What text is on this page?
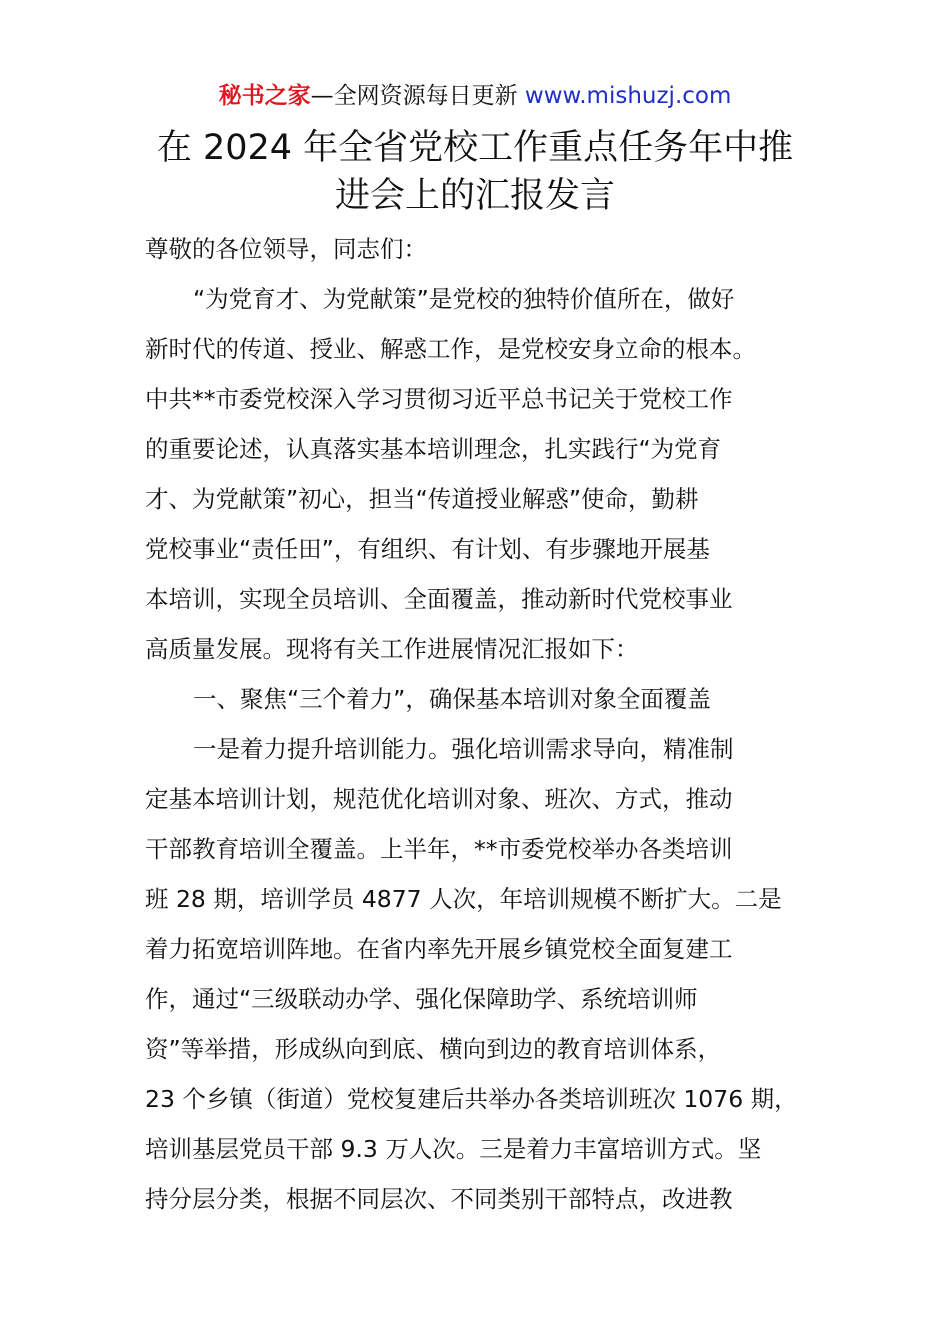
秘书之家—全网资源每日更新 www.mishuzj.com
在 2024 年全省党校工作重点任务年中推
进会上的汇报发言
尊敬的各位领导，同志们：
“为党育才、为党献策”是党校的独特价值所在，做好
新时代的传道、授业、解惑工作，是党校安身立命的根本。
中共**市委党校深入学习贯彻习近平总书记关于党校工作
的重要论述，认真落实基本培训理念，扎实践行“为党育
才、为党献策”初心，担当“传道授业解惑”使命，勤耕
党校事业“责任田”，有组织、有计划、有步骤地开展基
本培训，实现全员培训、全面覆盖，推动新时代党校事业
高质量发展。现将有关工作进展情况汇报如下：
一、聚焦“三个着力”，确保基本培训对象全面覆盖
一是着力提升培训能力。强化培训需求导向，精准制
定基本培训计划，规范优化培训对象、班次、方式，推动
干部教育培训全覆盖。上半年，**市委党校举办各类培训
班 28 期，培训学员 4877 人次，年培训规模不断扩大。二是
着力拓宽培训阵地。在省内率先开展乡镇党校全面复建工
作，通过“三级联动办学、强化保障助学、系统培训师
资”等举措，形成纵向到底、横向到边的教育培训体系，
23 个乡镇（街道）党校复建后共举办各类培训班次 1076 期，
培训基层党员干部 9.3 万人次。三是着力丰富培训方式。坚
持分层分类，根据不同层次、不同类别干部特点，改进教
